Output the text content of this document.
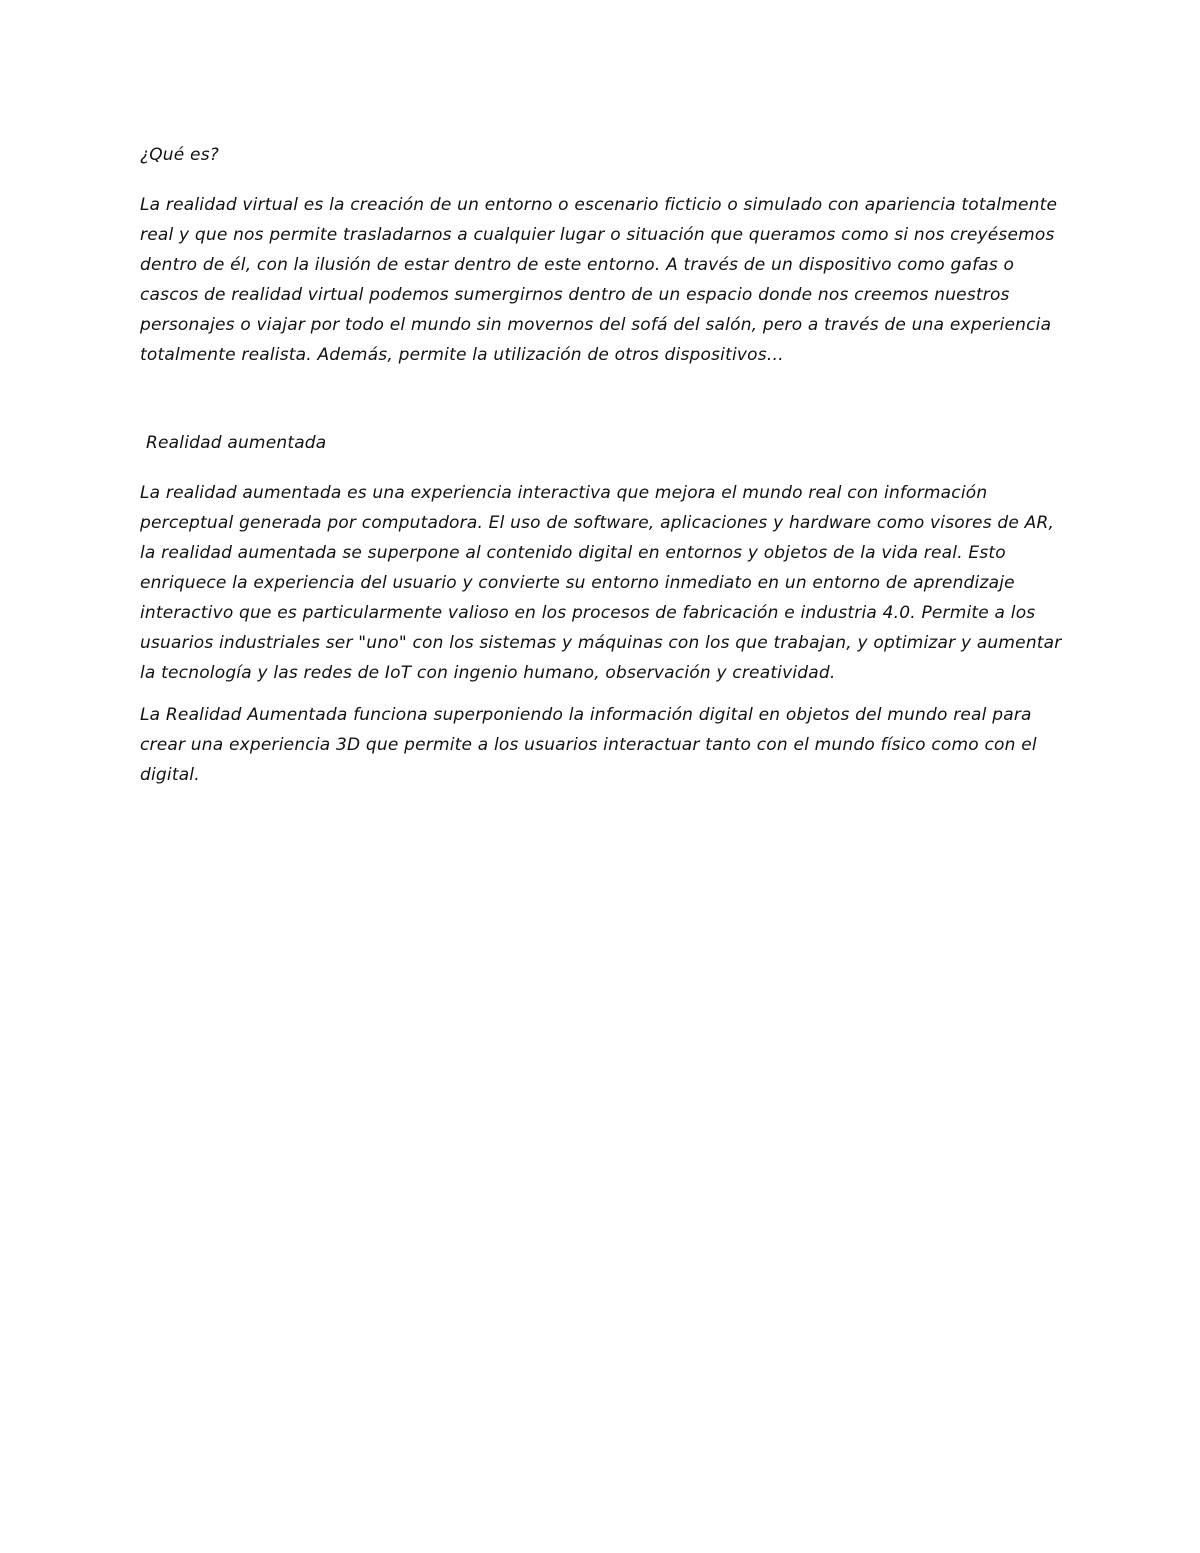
¿Qué es?

La realidad virtual es la creación de un entorno o escenario ficticio o simulado con apariencia totalmente real y que nos permite trasladarnos a cualquier lugar o situación que queramos como si nos creyésemos dentro de él, con la ilusión de estar dentro de este entorno. A través de un dispositivo como gafas o cascos de realidad virtual podemos sumergirnos dentro de un espacio donde nos creemos nuestros personajes o viajar por todo el mundo sin movernos del sofá del salón, pero a través de una experiencia totalmente realista. Además, permite la utilización de otros dispositivos…

Realidad aumentada

La realidad aumentada es una experiencia interactiva que mejora el mundo real con información perceptual generada por computadora. El uso de software, aplicaciones y hardware como visores de AR, la realidad aumentada se superpone al contenido digital en entornos y objetos de la vida real. Esto enriquece la experiencia del usuario y convierte su entorno inmediato en un entorno de aprendizaje interactivo que es particularmente valioso en los procesos de fabricación e industria 4.0. Permite a los usuarios industriales ser "uno" con los sistemas y máquinas con los que trabajan, y optimizar y aumentar la tecnología y las redes de IoT con ingenio humano, observación y creatividad.

La Realidad Aumentada funciona superponiendo la información digital en objetos del mundo real para crear una experiencia 3D que permite a los usuarios interactuar tanto con el mundo físico como con el digital.
